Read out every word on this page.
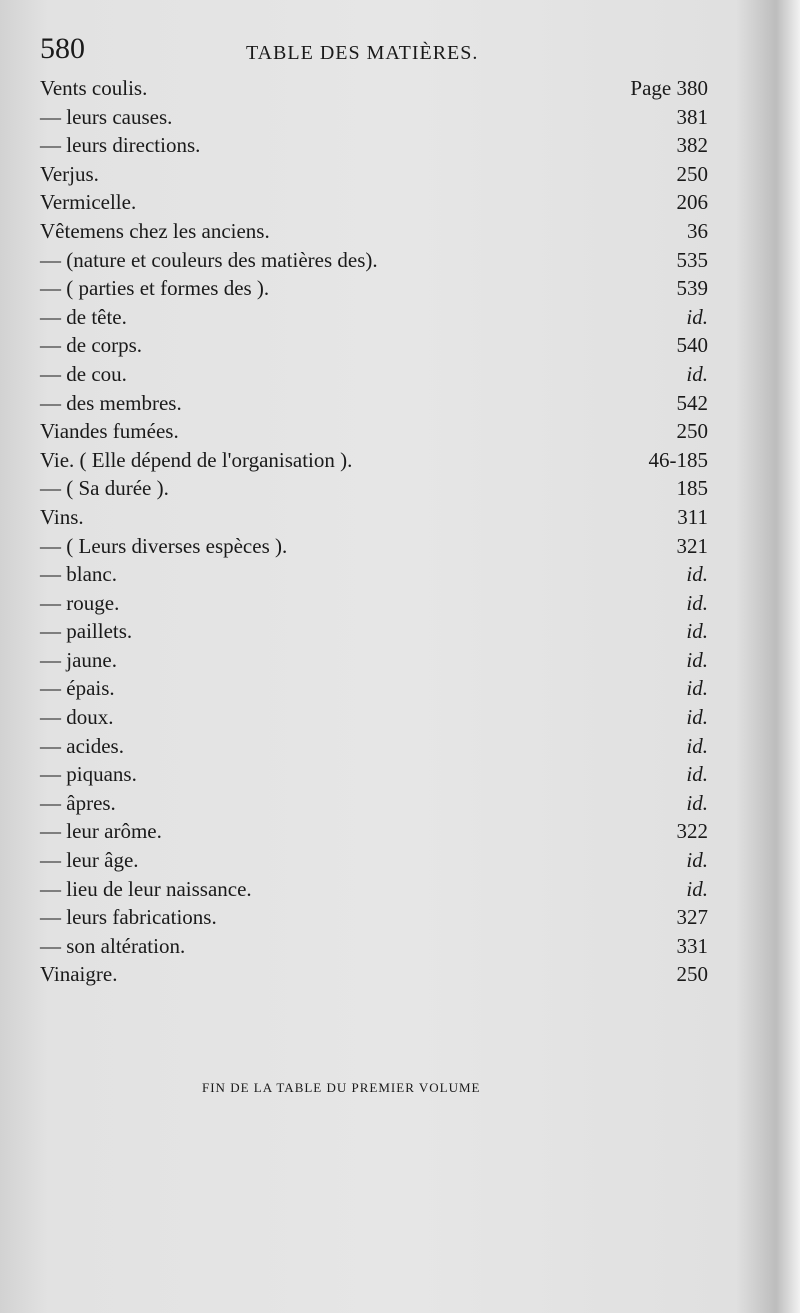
580	TABLE DES MATIÈRES.
Vents coulis.	Page 380
— leurs causes.	381
— leurs directions.	382
Verjus.	250
Vermicelle.	206
Vêtemens chez les anciens.	36
— (nature et couleurs des matières des).	535
— ( parties et formes des ).	539
— de tête.	id.
— de corps.	540
— de cou.	id.
— des membres.	542
Viandes fumées.	250
Vie. ( Elle dépend de l'organisation ).	46-185
— ( Sa durée ).	185
Vins.	311
— ( Leurs diverses espèces ).	321
— blanc.	id.
— rouge.	id.
— paillets.	id.
— jaune.	id.
— épais.	id.
— doux.	id.
— acides.	id.
— piquans.	id.
— âpres.	id.
— leur arôme.	322
— leur âge.	id.
— lieu de leur naissance.	id.
— leurs fabrications.	327
— son altération.	331
Vinaigre.	250
FIN DE LA TABLE DU PREMIER VOLUME
